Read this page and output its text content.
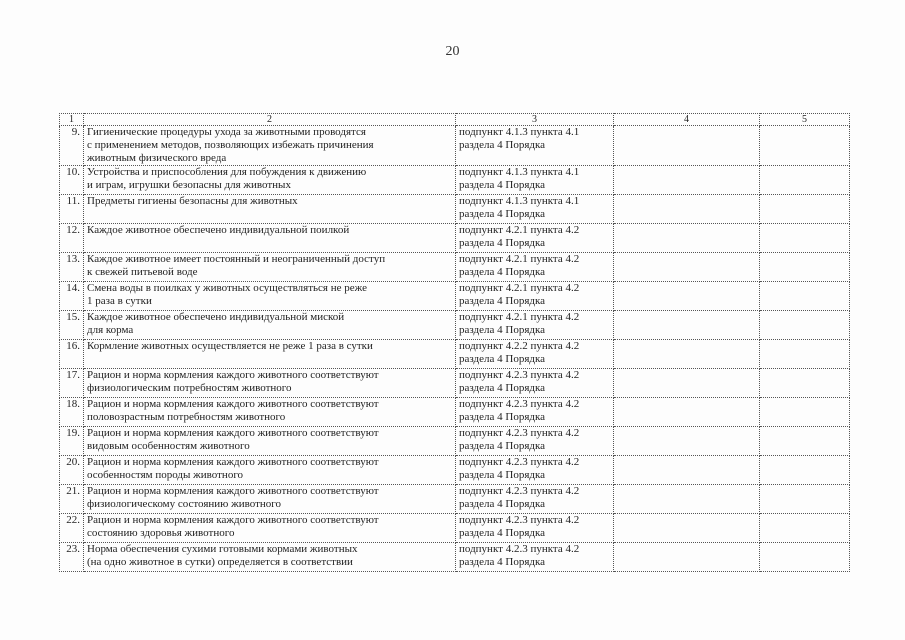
20
1	2	3	4	5
9.	Гигиенические процедуры ухода за животными проводятся
с применением методов, позволяющих избежать причинения
животным физического вреда	подпункт 4.1.3 пункта 4.1
раздела 4 Порядка		

10.	Устройства и приспособления для побуждения к движению
и играм, игрушки безопасны для животных	подпункт 4.1.3 пункта 4.1
раздела 4 Порядка		

11.	Предметы гигиены безопасны для животных	подпункт 4.1.3 пункта 4.1
раздела 4 Порядка		

12.	Каждое животное обеспечено индивидуальной поилкой	подпункт 4.2.1 пункта 4.2
раздела 4 Порядка		

13.	Каждое животное имеет постоянный и неограниченный доступ
к свежей питьевой воде	подпункт 4.2.1 пункта 4.2
раздела 4 Порядка		

14.	Смена воды в поилках у животных осуществляться не реже
1 раза в сутки	подпункт 4.2.1 пункта 4.2
раздела 4 Порядка		

15.	Каждое животное обеспечено индивидуальной миской
для корма	подпункт 4.2.1 пункта 4.2
раздела 4 Порядка		

16.	Кормление животных осуществляется не реже 1 раза в сутки	подпункт 4.2.2 пункта 4.2
раздела 4 Порядка		

17.	Рацион и норма кормления каждого животного соответствуют
физиологическим потребностям животного	подпункт 4.2.3 пункта 4.2
раздела 4 Порядка		

18.	Рацион и норма кормления каждого животного соответствуют
половозрастным потребностям животного	подпункт 4.2.3 пункта 4.2
раздела 4 Порядка		

19.	Рацион и норма кормления каждого животного соответствуют
видовым особенностям животного	подпункт 4.2.3 пункта 4.2
раздела 4 Порядка		

20.	Рацион и норма кормления каждого животного соответствуют
особенностям породы животного	подпункт 4.2.3 пункта 4.2
раздела 4 Порядка		

21.	Рацион и норма кормления каждого животного соответствуют
физиологическому состоянию животного	подпункт 4.2.3 пункта 4.2
раздела 4 Порядка		

22.	Рацион и норма кормления каждого животного соответствуют
состоянию здоровья животного	подпункт 4.2.3 пункта 4.2
раздела 4 Порядка		

23.	Норма обеспечения сухими готовыми кормами животных
(на одно животное в сутки) определяется в соответствии	подпункт 4.2.3 пункта 4.2
раздела 4 Порядка		
